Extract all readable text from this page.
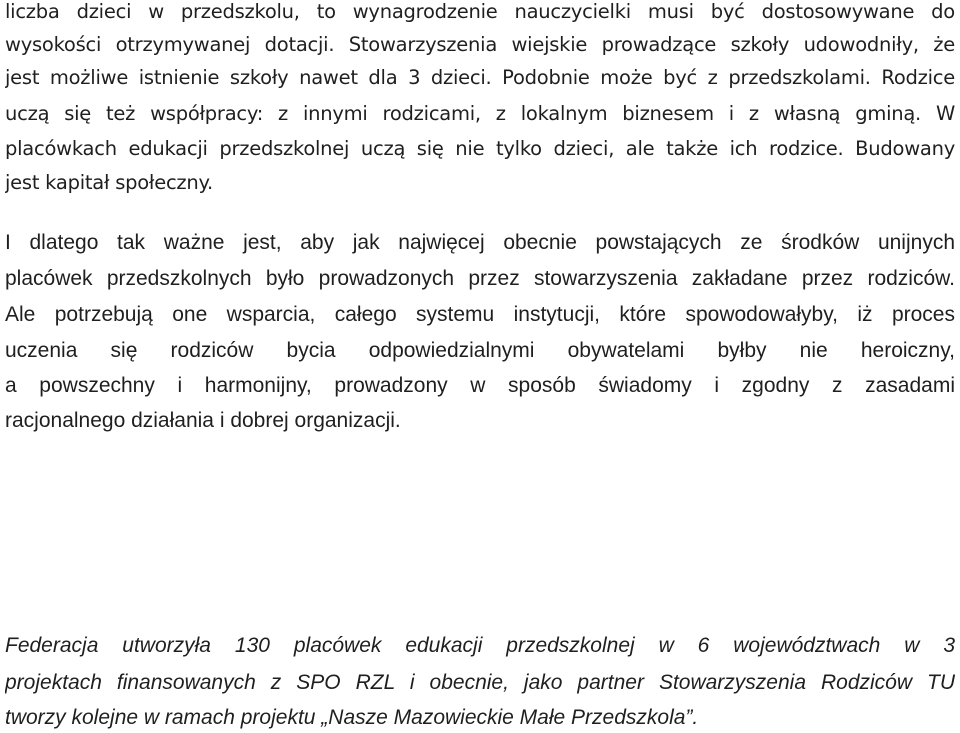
liczba dzieci w przedszkolu, to wynagrodzenie nauczycielki musi być dostosowywane do
wysokości otrzymywanej dotacji. Stowarzyszenia wiejskie prowadzące szkoły udowodniły, że
jest możliwe istnienie szkoły nawet dla 3 dzieci. Podobnie może być z przedszkolami. Rodzice
uczą się też współpracy: z innymi rodzicami, z lokalnym biznesem i z własną gminą. W
placówkach edukacji przedszkolnej uczą się nie tylko dzieci, ale także ich rodzice. Budowany
jest kapitał społeczny.
I dlatego tak ważne jest, aby jak najwięcej obecnie powstających ze środków unijnych
placówek przedszkolnych było prowadzonych przez stowarzyszenia zakładane przez rodziców.
Ale potrzebują one wsparcia, całego systemu instytucji, które spowodowałyby, iż proces
uczenia się rodziców bycia odpowiedzialnymi obywatelami byłby nie heroiczny,
a powszechny i harmonijny, prowadzony w sposób świadomy i zgodny z zasadami
racjonalnego działania i dobrej organizacji.
Federacja utworzyła 130 placówek edukacji przedszkolnej w 6 województwach w 3
projektach finansowanych z SPO RZL i obecnie, jako partner Stowarzyszenia Rodziców TU
tworzy kolejne w ramach projektu „Nasze Mazowieckie Małe Przedszkola”.
